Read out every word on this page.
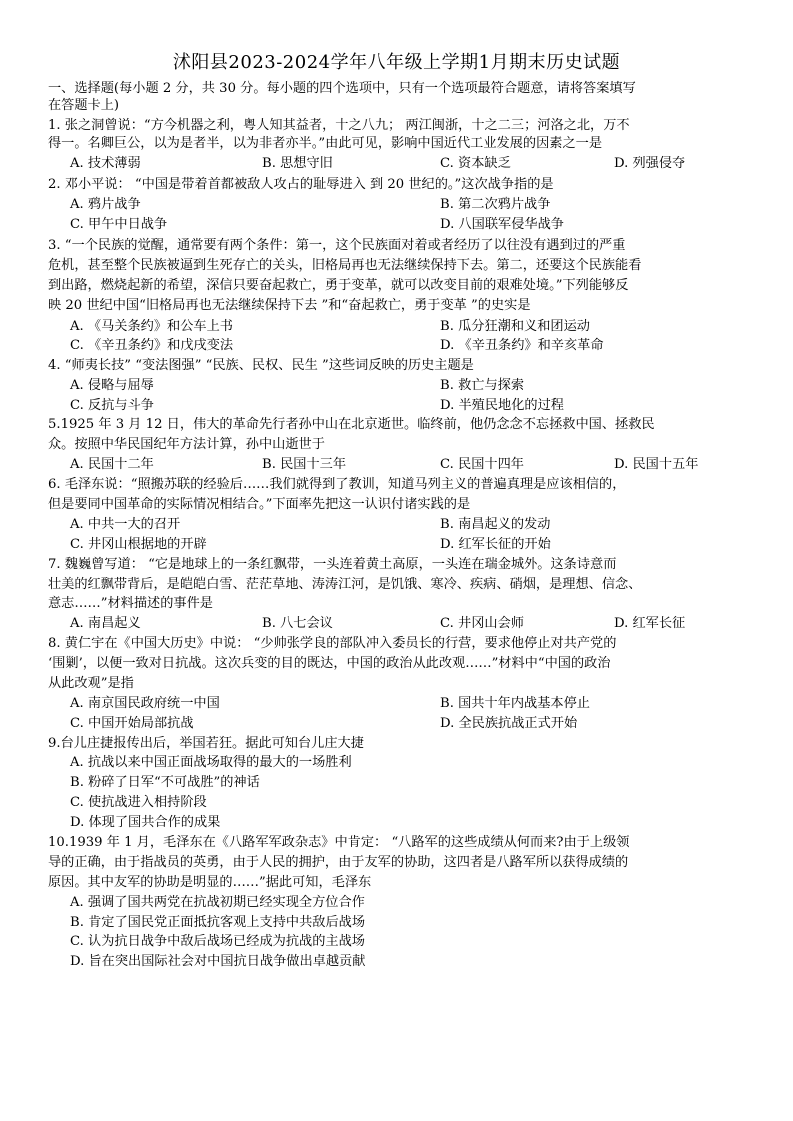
沭阳县2023-2024学年八年级上学期1月期末历史试题
一、选择题(每小题 2 分，共 30 分。每小题的四个选项中，只有一个选项最符合题意，请将答案填写
在答题卡上)
1. 张之洞曾说：“方今机器之利，粤人知其益者，十之八九； 两江闽浙，十之二三；河洛之北，万不
得一。名卿巨公，以为是者半，以为非者亦半。”由此可见，影响中国近代工业发展的因素之一是
A. 技术薄弱	B. 思想守旧	C. 资本缺乏	D. 列强侵夺
2. 邓小平说： “中国是带着首都被敌人攻占的耻辱进入 到 20 世纪的。”这次战争指的是
A. 鸦片战争	B. 第二次鸦片战争
C. 甲午中日战争	D. 八国联军侵华战争
3. “一个民族的觉醒，通常要有两个条件：第一，这个民族面对着或者经历了以往没有遇到过的严重
危机，甚至整个民族被逼到生死存亡的关头，旧格局再也无法继续保持下去。第二，还要这个民族能看
到出路，燃烧起新的希望，深信只要奋起救亡，勇于变革，就可以改变目前的艰难处境。”下列能够反
映 20 世纪中国“旧格局再也无法继续保持下去 ”和“奋起救亡，勇于变革 ”的史实是
A. 《马关条约》和公车上书	B. 瓜分狂潮和义和团运动
C. 《辛丑条约》和戊戌变法	D. 《辛丑条约》和辛亥革命
4. “师夷长技” “变法图强” “民族、民权、民生 ”这些词反映的历史主题是
A. 侵略与屈辱	B. 救亡与探索
C. 反抗与斗争	D. 半殖民地化的过程
5.1925 年 3 月 12 日，伟大的革命先行者孙中山在北京逝世。临终前，他仍念念不忘拯救中国、拯救民
众。按照中华民国纪年方法计算，孙中山逝世于
A. 民国十二年	B. 民国十三年	C. 民国十四年	D. 民国十五年
6. 毛泽东说：“照搬苏联的经验后……我们就得到了教训，知道马列主义的普遍真理是应该相信的，
但是要同中国革命的实际情况相结合。”下面率先把这一认识付诸实践的是
A. 中共一大的召开	B. 南昌起义的发动
C. 井冈山根据地的开辟	D. 红军长征的开始
7. 魏巍曾写道： “它是地球上的一条红飘带，一头连着黄土高原，一头连在瑞金城外。这条诗意而
壮美的红飘带背后，是皑皑白雪、茫茫草地、涛涛江河，是饥饿、寒冷、疾病、硝烟，是理想、信念、
意志……”材料描述的事件是
A. 南昌起义	B. 八七会议	C. 井冈山会师	D. 红军长征
8. 黄仁宇在《中国大历史》中说： “少帅张学良的部队冲入委员长的行营，要求他停止对共产党的
‘围剿’，以便一致对日抗战。这次兵变的目的既达，中国的政治从此改观……”材料中“中国的政治
从此改观”是指
A. 南京国民政府统一中国	B. 国共十年内战基本停止
C. 中国开始局部抗战	D. 全民族抗战正式开始
9.台儿庄捷报传出后，举国若狂。据此可知台儿庄大捷
A. 抗战以来中国正面战场取得的最大的一场胜利
B. 粉碎了日军“不可战胜”的神话
C. 使抗战进入相持阶段
D. 体现了国共合作的成果
10.1939 年 1 月，毛泽东在《八路军军政杂志》中肯定： “八路军的这些成绩从何而来?由于上级领
导的正确，由于指战员的英勇，由于人民的拥护，由于友军的协助，这四者是八路军所以获得成绩的
原因。其中友军的协助是明显的……”据此可知，毛泽东
A. 强调了国共两党在抗战初期已经实现全方位合作
B. 肯定了国民党正面抵抗客观上支持中共敌后战场
C. 认为抗日战争中敌后战场已经成为抗战的主战场
D. 旨在突出国际社会对中国抗日战争做出卓越贡献
